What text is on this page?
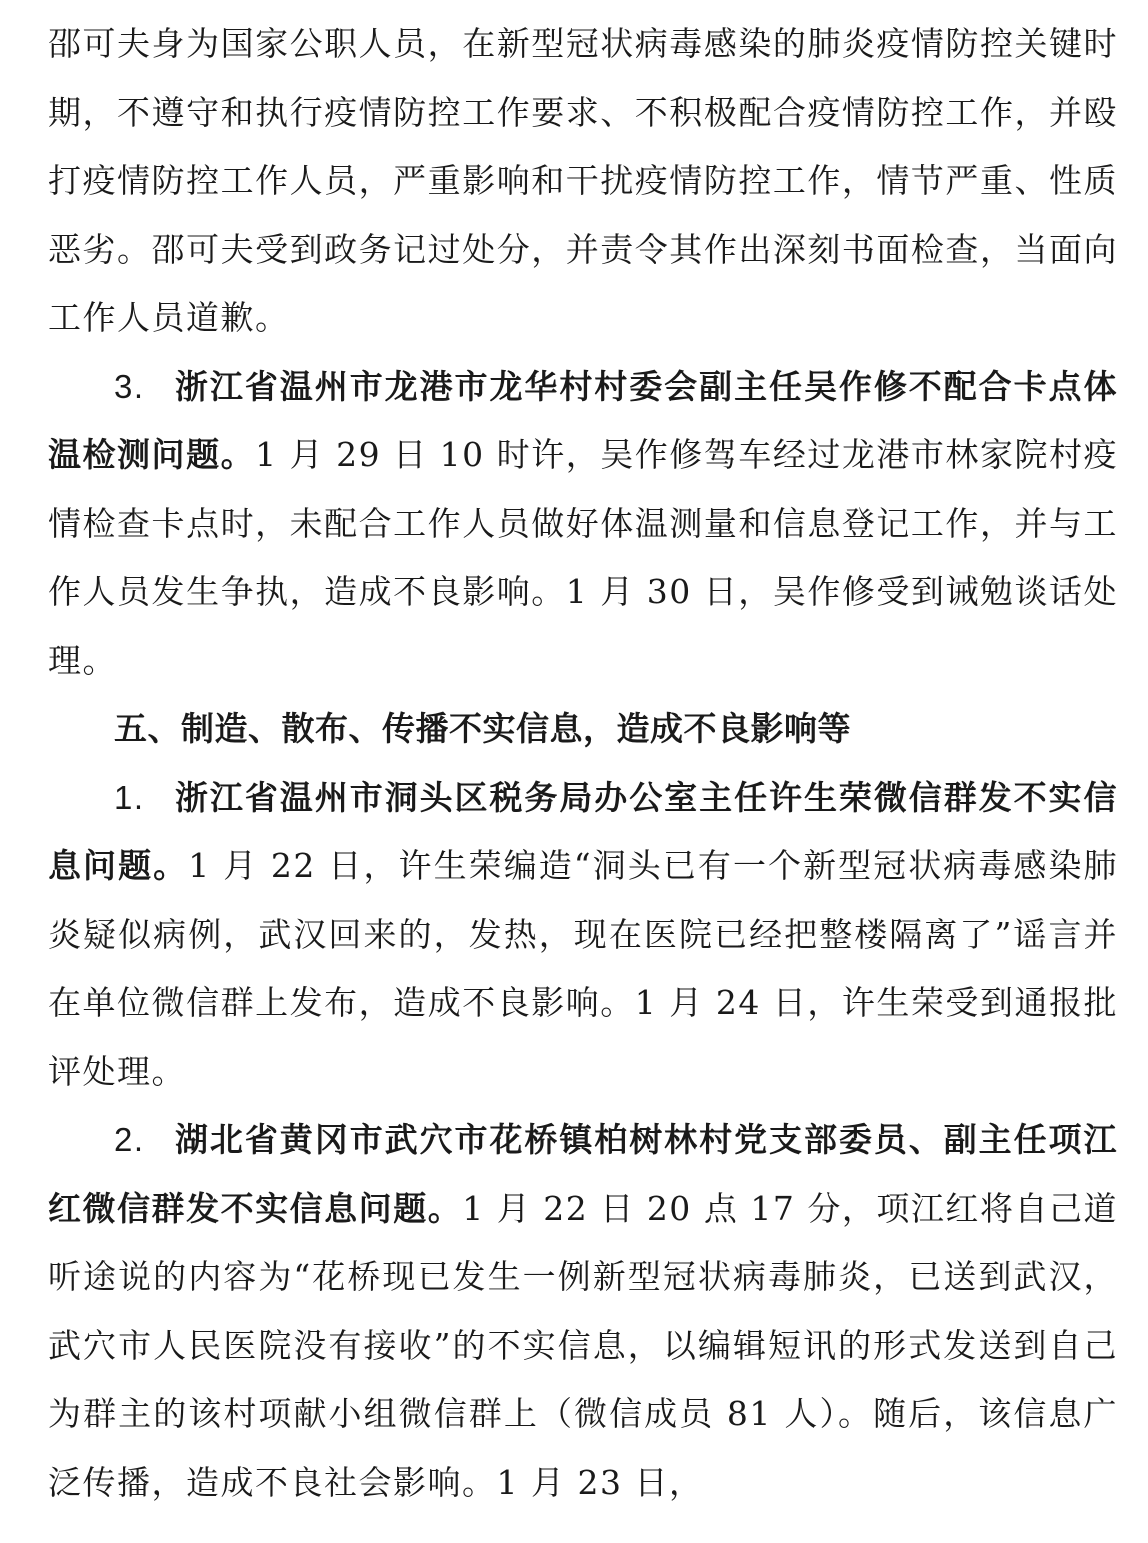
邵可夫身为国家公职人员，在新型冠状病毒感染的肺炎疫情防控关键时期，不遵守和执行疫情防控工作要求、不积极配合疫情防控工作，并殴打疫情防控工作人员，严重影响和干扰疫情防控工作，情节严重、性质恶劣。邵可夫受到政务记过处分，并责令其作出深刻书面检查，当面向工作人员道歉。

3. 浙江省温州市龙港市龙华村村委会副主任吴作修不配合卡点体温检测问题。1 月 29 日 10 时许，吴作修驾车经过龙港市林家院村疫情检查卡点时，未配合工作人员做好体温测量和信息登记工作，并与工作人员发生争执，造成不良影响。1 月 30 日，吴作修受到诫勉谈话处理。

五、制造、散布、传播不实信息，造成不良影响等

1. 浙江省温州市洞头区税务局办公室主任许生荣微信群发不实信息问题。1 月 22 日，许生荣编造“洞头已有一个新型冠状病毒感染肺炎疑似病例，武汉回来的，发热，现在医院已经把整楼隔离了”谣言并在单位微信群上发布，造成不良影响。1 月 24 日，许生荣受到通报批评处理。

2. 湖北省黄冈市武穴市花桥镇柏树林村党支部委员、副主任项江红微信群发不实信息问题。1 月 22 日 20 点 17 分，项江红将自己道听途说的内容为“花桥现已发生一例新型冠状病毒肺炎，已送到武汉，武穴市人民医院没有接收”的不实信息，以编辑短讯的形式发送到自己为群主的该村项献小组微信群上（微信成员 81 人）。随后，该信息广泛传播，造成不良社会影响。1 月 23 日，
